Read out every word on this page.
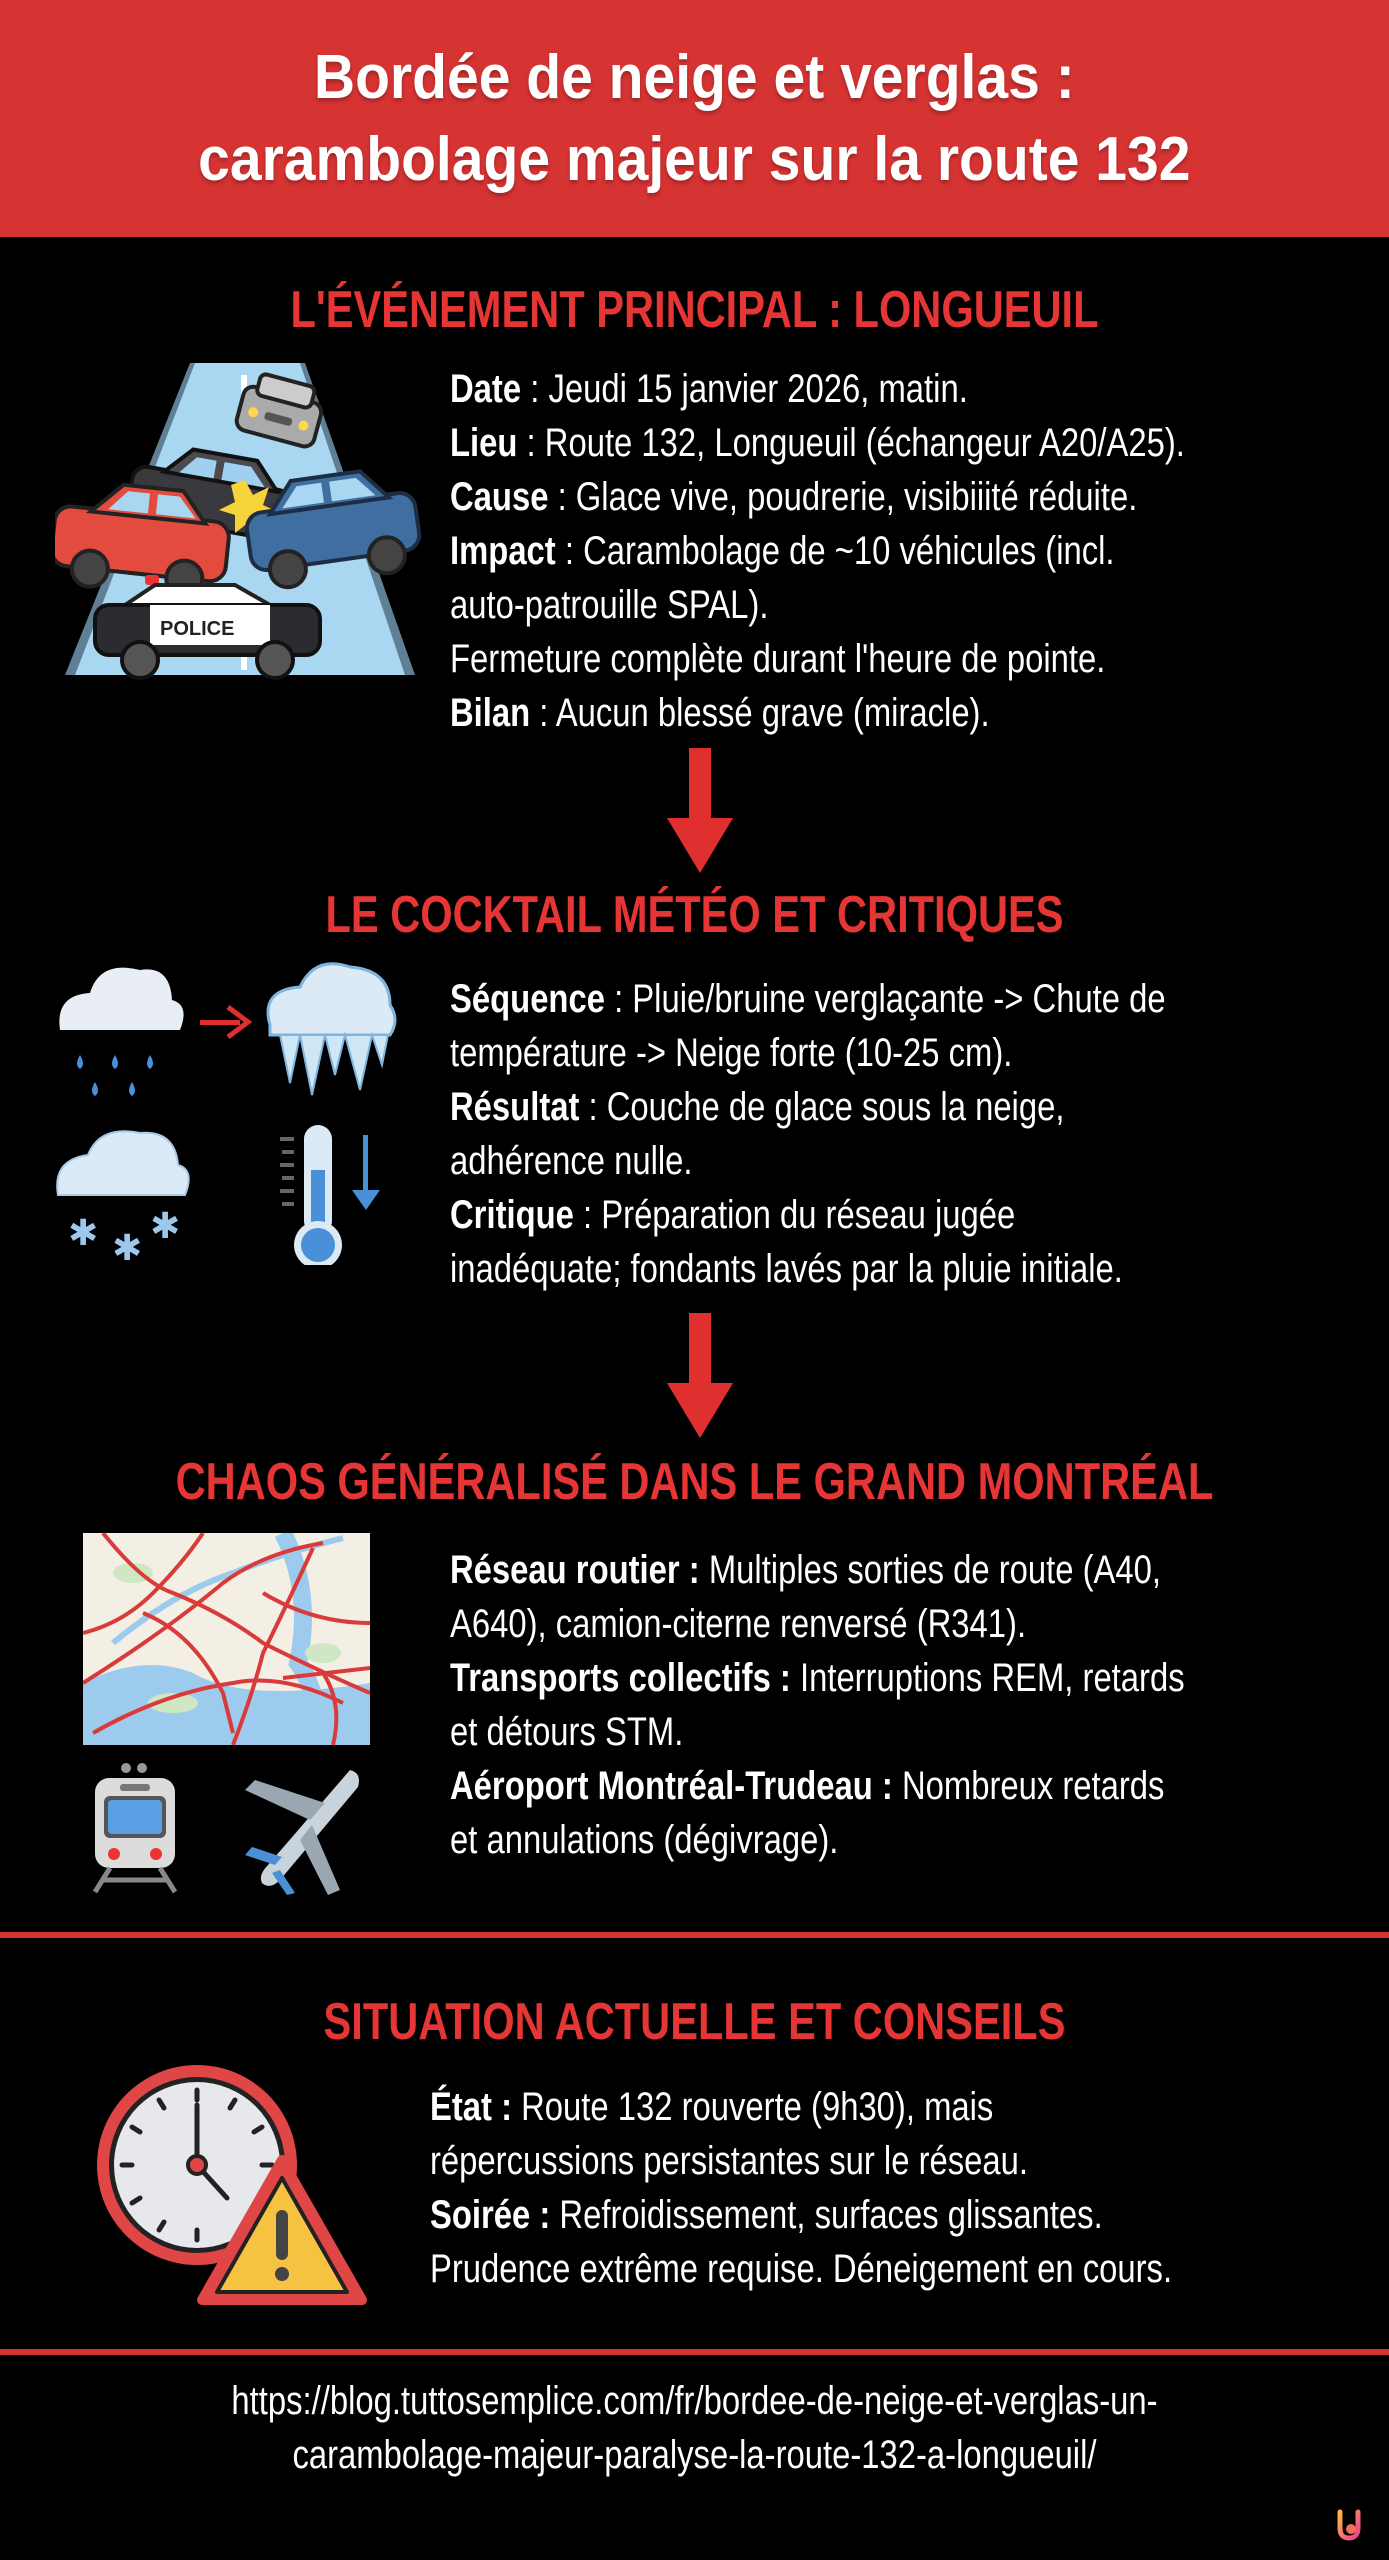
Bordée de neige et verglas :
carambolage majeur sur la route 132
L'ÉVÉNEMENT PRINCIPAL : LONGUEUIL
POLICE
Date : Jeudi 15 janvier 2026, matin.
Lieu : Route 132, Longueuil (échangeur A20/A25).
Cause : Glace vive, poudrerie, visibiiité réduite.
Impact : Carambolage de ~10 véhicules (incl.
auto-patrouille SPAL).
Fermeture complète durant l'heure de pointe.
Bilan : Aucun blessé grave (miracle).
LE COCKTAIL MÉTÉO ET CRITIQUES
✱ ✱
✱
Séquence : Pluie/bruine verglaçante -> Chute de
température -> Neige forte (10-25 cm).
Résultat : Couche de glace sous la neige,
adhérence nulle.
Critique : Préparation du réseau jugée
inadéquate; fondants lavés par la pluie initiale.
CHAOS GÉNÉRALISÉ DANS LE GRAND MONTRÉAL
Réseau routier : Multiples sorties de route (A40,
A640), camion-citerne renversé (R341).
Transports collectifs : Interruptions REM, retards
et détours STM.
Aéroport Montréal-Trudeau : Nombreux retards
et annulations (dégivrage).
SITUATION ACTUELLE ET CONSEILS
État : Route 132 rouverte (9h30), mais
répercussions persistantes sur le réseau.
Soirée : Refroidissement, surfaces glissantes.
Prudence extrême requise. Déneigement en cours.
https://blog.tuttosemplice.com/fr/bordee-de-neige-et-verglas-un-
carambolage-majeur-paralyse-la-route-132-a-longueuil/
